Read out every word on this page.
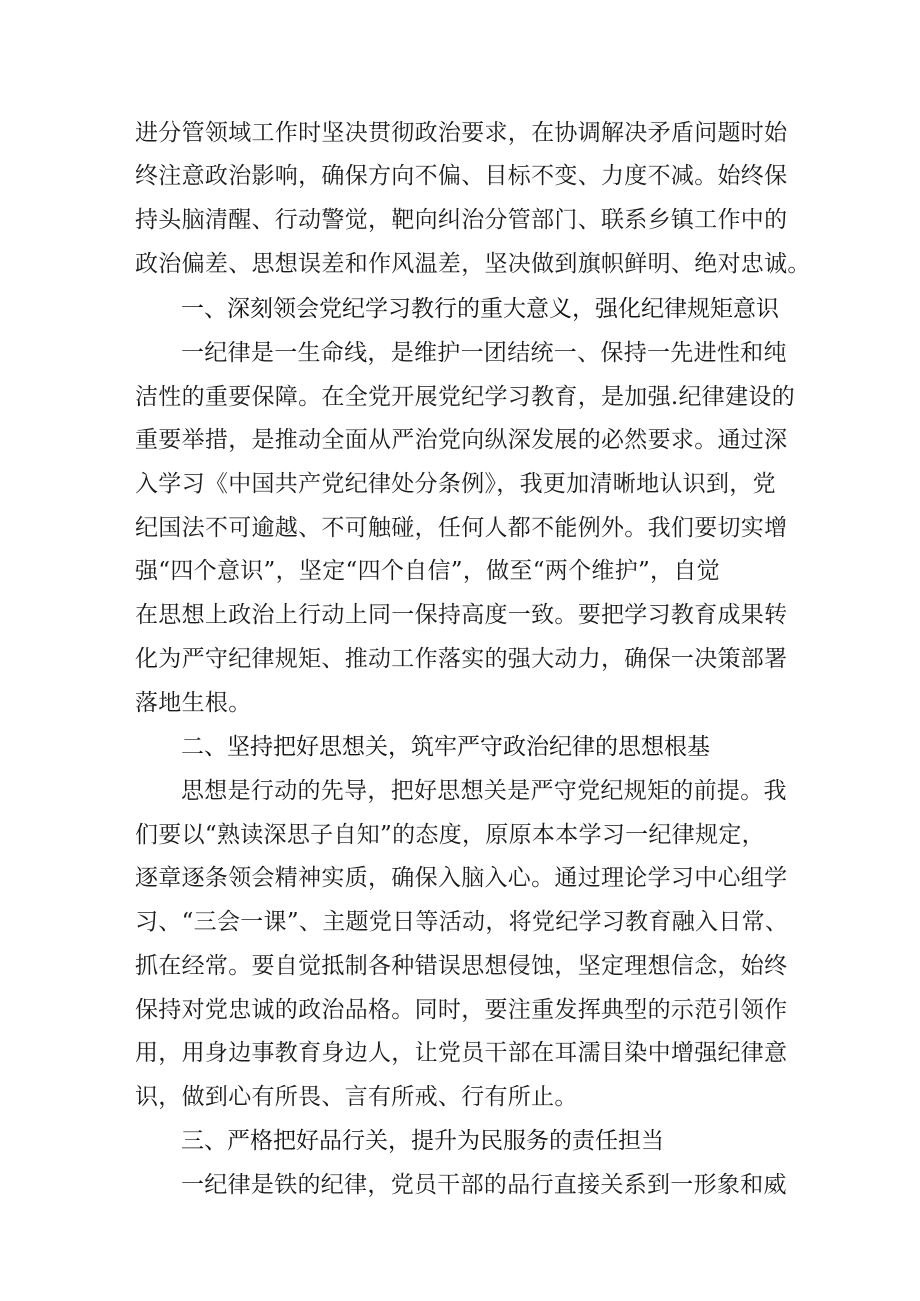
进分管领域工作时坚决贯彻政治要求，在协调解决矛盾问题时始
终注意政治影响，确保方向不偏、目标不变、力度不减。始终保
持头脑清醒、行动警觉，靶向纠治分管部门、联系乡镇工作中的
政治偏差、思想误差和作风温差，坚决做到旗帜鲜明、绝对忠诚。
一、深刻领会党纪学习教行的重大意义，强化纪律规矩意识
一纪律是一生命线，是维护一团结统一、保持一先进性和纯
洁性的重要保障。在全党开展党纪学习教育，是加强.纪律建设的
重要举措，是推动全面从严治党向纵深发展的必然要求。通过深
入学习《中国共产党纪律处分条例》，我更加清晰地认识到，党
纪国法不可逾越、不可触碰，任何人都不能例外。我们要切实增
强“四个意识”，坚定“四个自信”，做至“两个维护”，自觉
在思想上政治上行动上同一保持高度一致。要把学习教育成果转
化为严守纪律规矩、推动工作落实的强大动力，确保一决策部署
落地生根。
二、坚持把好思想关，筑牢严守政治纪律的思想根基
思想是行动的先导，把好思想关是严守党纪规矩的前提。我
们要以“熟读深思子自知”的态度，原原本本学习一纪律规定，
逐章逐条领会精神实质，确保入脑入心。通过理论学习中心组学
习、“三会一课”、主题党日等活动，将党纪学习教育融入日常、
抓在经常。要自觉抵制各种错误思想侵蚀，坚定理想信念，始终
保持对党忠诚的政治品格。同时，要注重发挥典型的示范引领作
用，用身边事教育身边人，让党员干部在耳濡目染中增强纪律意
识，做到心有所畏、言有所戒、行有所止。
三、严格把好品行关，提升为民服务的责任担当
一纪律是铁的纪律，党员干部的品行直接关系到一形象和威
